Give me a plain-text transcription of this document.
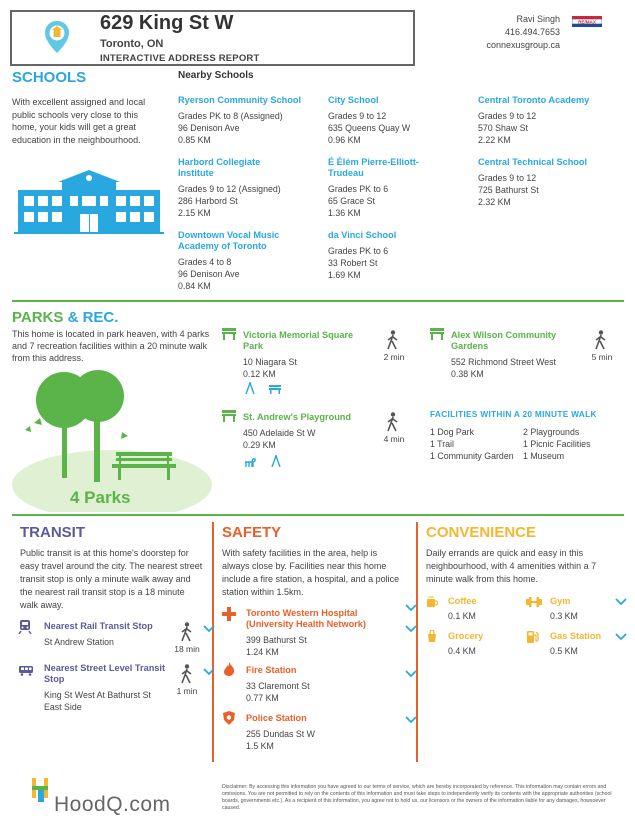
629 King St W
Toronto, ON
INTERACTIVE ADDRESS REPORT
Ravi Singh
416.494.7653
connexusgroup.ca
RE/MAX
SCHOOLS
With excellent assigned and local public schools very close to this home, your kids will get a great education in the neighbourhood.
Nearby Schools
Ryerson Community School
Grades PK to 8 (Assigned)
96 Denison Ave
0.85 KM
Harbord Collegiate Institute
Grades 9 to 12 (Assigned)
286 Harbord St
2.15 KM
Downtown Vocal Music Academy of Toronto
Grades 4 to 8
96 Denison Ave
0.84 KM
City School
Grades 9 to 12
635 Queens Quay W
0.96 KM
É Élém Pierre-Elliott-Trudeau
Grades PK to 6
65 Grace St
1.36 KM
da Vinci School
Grades PK to 6
33 Robert St
1.69 KM
Central Toronto Academy
Grades 9 to 12
570 Shaw St
2.22 KM
Central Technical School
Grades 9 to 12
725 Bathurst St
2.32 KM
PARKS & REC.
This home is located in park heaven, with 4 parks and 7 recreation facilities within a 20 minute walk from this address.
4 Parks
Victoria Memorial Square Park
10 Niagara St
0.12 KM
2 min
St. Andrew's Playground
450 Adelaide St W
0.29 KM
4 min
Alex Wilson Community Gardens
552 Richmond Street West
0.38 KM
5 min
FACILITIES WITHIN A 20 MINUTE WALK
1 Dog Park
1 Trail
1 Community Garden
2 Playgrounds
1 Picnic Facilities
1 Museum
TRANSIT
Public transit is at this home's doorstep for easy travel around the city. The nearest street transit stop is only a minute walk away and the nearest rail transit stop is a 18 minute walk away.
Nearest Rail Transit Stop
St Andrew Station
18 min
Nearest Street Level Transit Stop
King St West At Bathurst St East Side
1 min
SAFETY
With safety facilities in the area, help is always close by. Facilities near this home include a fire station, a hospital, and a police station within 1.5km.
Toronto Western Hospital (University Health Network)
399 Bathurst St
1.24 KM
Fire Station
33 Claremont St
0.77 KM
Police Station
255 Dundas St W
1.5 KM
CONVENIENCE
Daily errands are quick and easy in this neighbourhood, with 4 amenities within a 7 minute walk from this home.
Coffee
0.1 KM
Gym
0.3 KM
Grocery
0.4 KM
Gas Station
0.5 KM
HoodQ.com
Disclaimer: By accessing this information you have agreed to our terms of service, which are hereby incorporated by reference. This information may contain errors and omissions. You are not permitted to rely on the contents of this information and must take steps to independently verify its contents with the appropriate authorities (school boards, governments etc.). As a recipient of this information, you agree not to hold us, our licensors or the owners of the information liable for any damages, howsoever caused.
